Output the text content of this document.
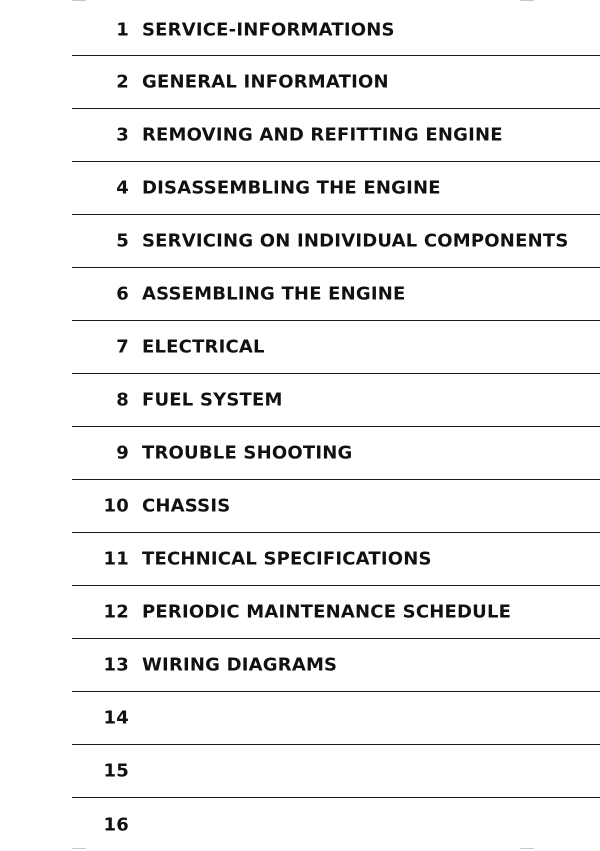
1 SERVICE-INFORMATIONS
2 GENERAL INFORMATION
3 REMOVING AND REFITTING ENGINE
4 DISASSEMBLING THE ENGINE
5 SERVICING ON INDIVIDUAL COMPONENTS
6 ASSEMBLING THE ENGINE
7 ELECTRICAL
8 FUEL SYSTEM
9 TROUBLE SHOOTING
10 CHASSIS
11 TECHNICAL SPECIFICATIONS
12 PERIODIC MAINTENANCE SCHEDULE
13 WIRING DIAGRAMS
14
15
16
